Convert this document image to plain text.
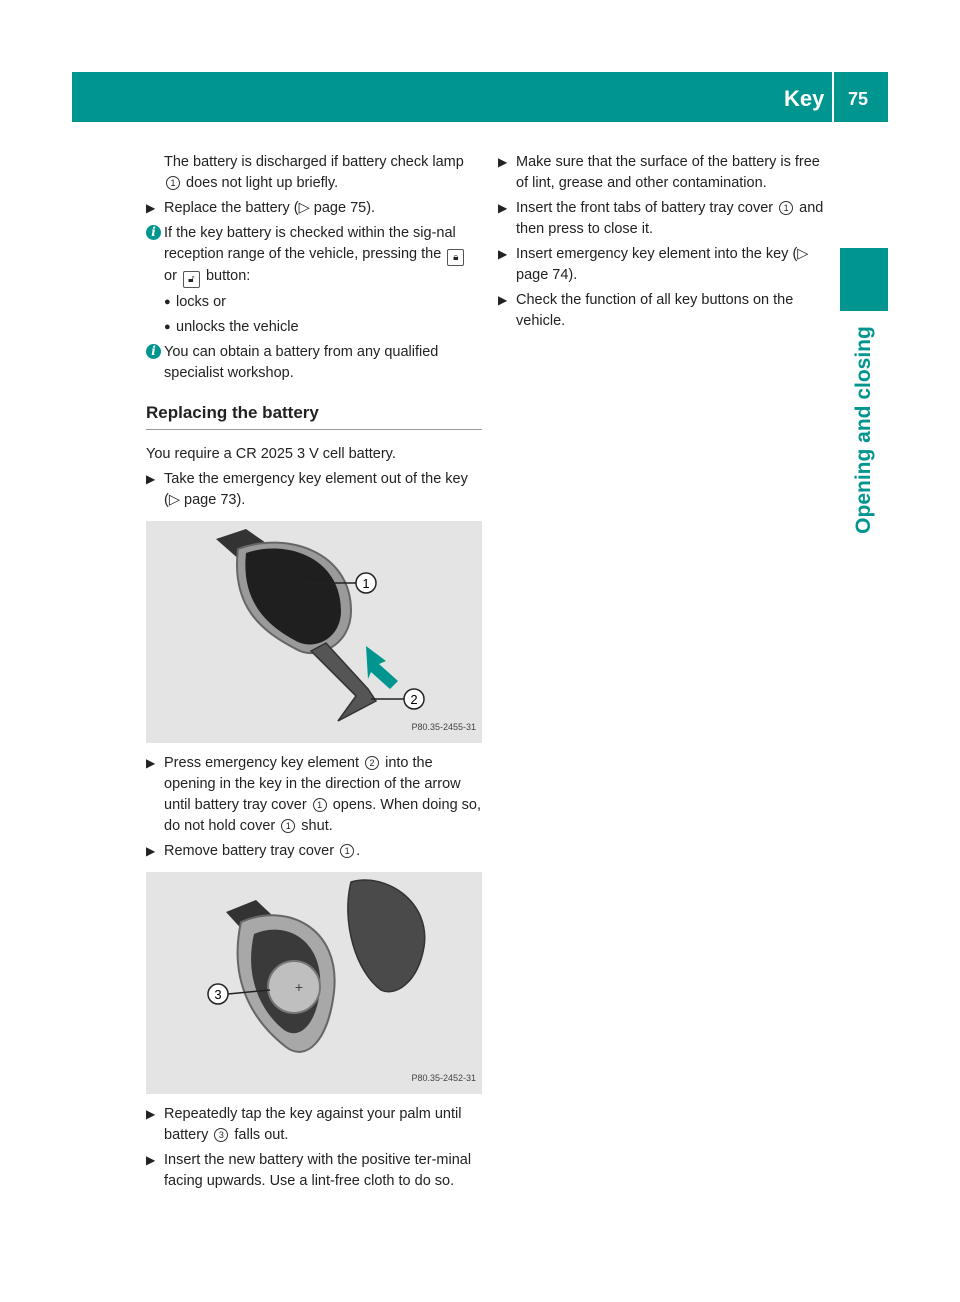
Key 75
Opening and closing

The battery is discharged if battery check lamp 1 does not light up briefly.

▶ Replace the battery (▷ page 75).

i If the key battery is checked within the sig-nal reception range of the vehicle, pressing the 🔒︎ or 🔓︎ button:

● locks or

● unlocks the vehicle

i You can obtain a battery from any qualified specialist workshop.

Replacing the battery

You require a CR 2025 3 V cell battery.

▶ Take the emergency key element out of the key (▷ page 73).

1
2
P80.35-2455-31

▶ Press emergency key element 2 into the opening in the key in the direction of the arrow until battery tray cover 1 opens. When doing so, do not hold cover 1 shut.

▶ Remove battery tray cover 1 .

+
3
P80.35-2452-31

▶ Repeatedly tap the key against your palm until battery 3 falls out.

▶ Insert the new battery with the positive ter-minal facing upwards. Use a lint-free cloth to do so.

▶ Make sure that the surface of the battery is free of lint, grease and other contamination.

▶ Insert the front tabs of battery tray cover 1 and then press to close it.

▶ Insert emergency key element into the key (▷ page 74).

▶ Check the function of all key buttons on the vehicle.
